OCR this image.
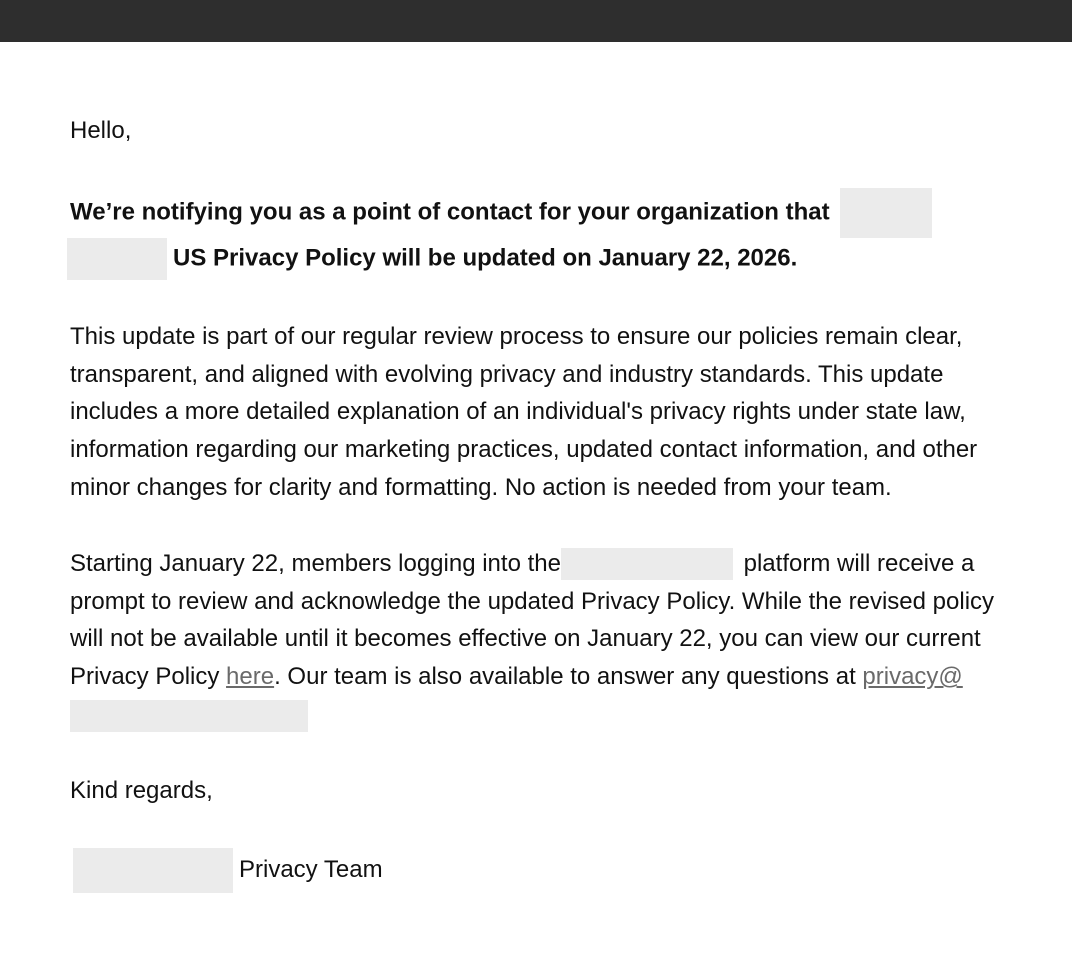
Hello,

We’re notifying you as a point of contact for your organization that
US Privacy Policy will be updated on January 22, 2026.

This update is part of our regular review process to ensure our policies remain clear, transparent, and aligned with evolving privacy and industry standards. This update includes a more detailed explanation of an individual's privacy rights under state law, information regarding our marketing practices, updated contact information, and other minor changes for clarity and formatting. No action is needed from your team.

Starting January 22, members logging into the	platform will receive a prompt to review and acknowledge the updated Privacy Policy. While the revised policy will not be available until it becomes effective on January 22, you can view our current Privacy Policy here. Our team is also available to answer any questions at privacy@

Kind regards,

Privacy Team
